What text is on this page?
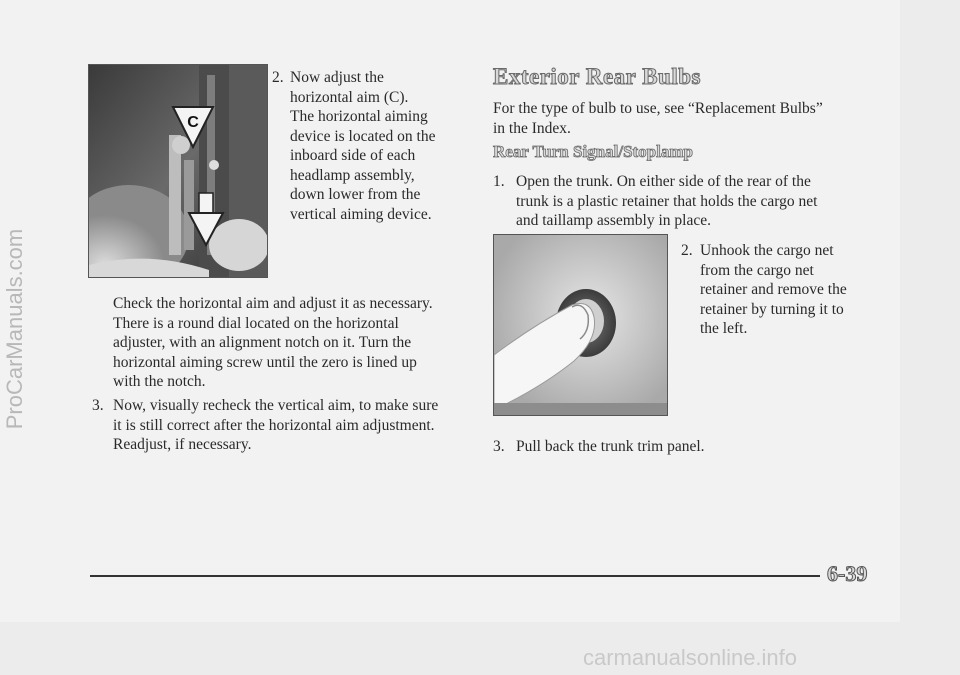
C
2. Now adjust the
horizontal aim (C).
The horizontal aiming
device is located on the
inboard side of each
headlamp assembly,
down lower from the
vertical aiming device.
Check the horizontal aim and adjust it as necessary.
There is a round dial located on the horizontal
adjuster, with an alignment notch on it. Turn the
horizontal aiming screw until the zero is lined up
with the notch.
3. Now, visually recheck the vertical aim, to make sure
it is still correct after the horizontal aim adjustment.
Readjust, if necessary.
Exterior Rear Bulbs
For the type of bulb to use, see “Replacement Bulbs”
in the Index.
Rear Turn Signal/Stoplamp
1. Open the trunk. On either side of the rear of the
trunk is a plastic retainer that holds the cargo net
and taillamp assembly in place.
2. Unhook the cargo net
from the cargo net
retainer and remove the
retainer by turning it to
the left.
3. Pull back the trunk trim panel.
6-39
ProCarManuals.com
carmanualsonline.info
